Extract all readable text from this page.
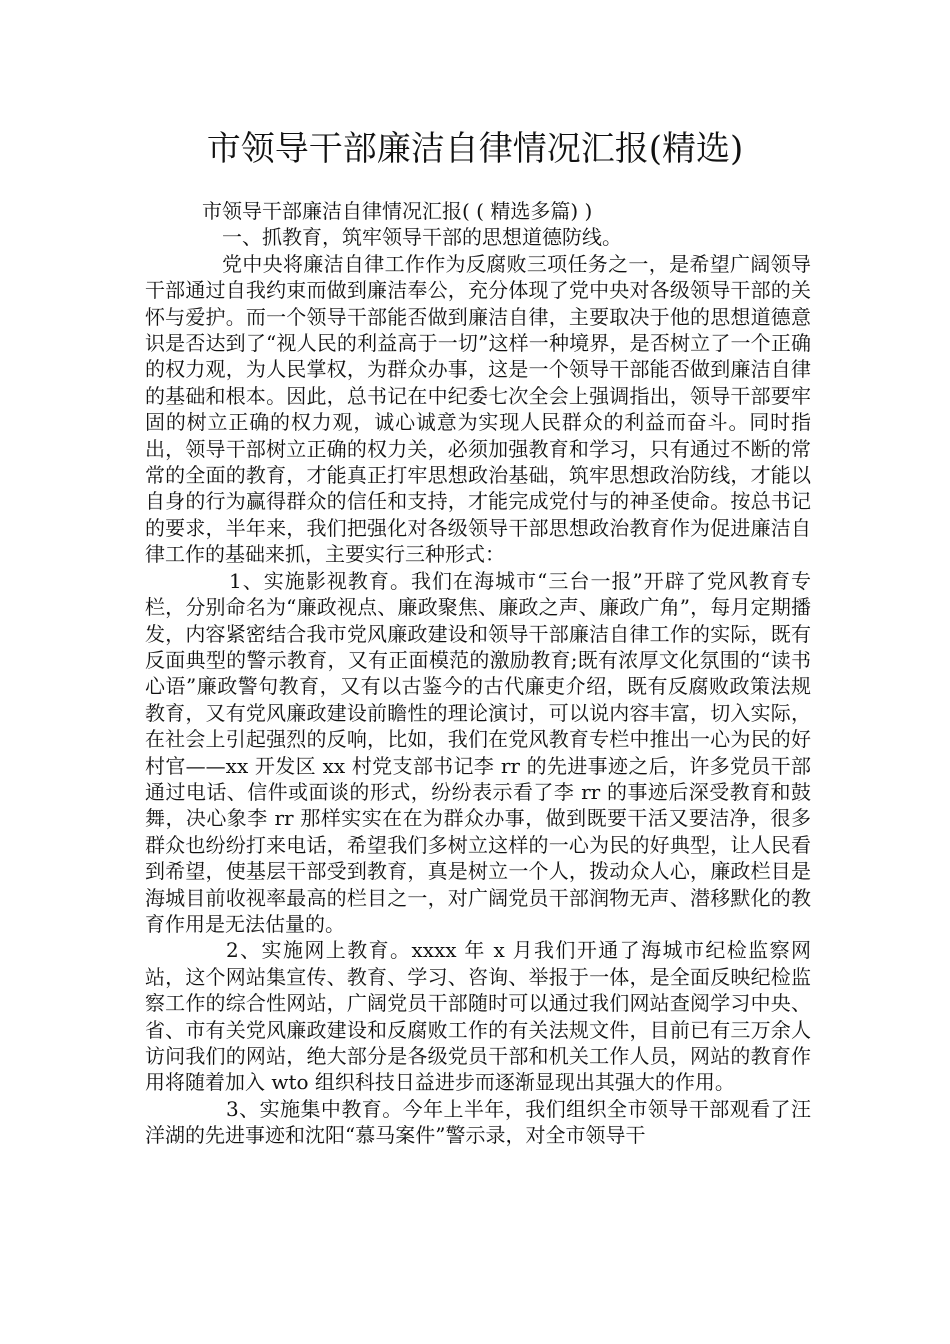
市领导干部廉洁自律情况汇报(精选)

市领导干部廉洁自律情况汇报( ( 精选多篇) )

一、抓教育，筑牢领导干部的思想道德防线。

党中央将廉洁自律工作作为反腐败三项任务之一，是希望广阔领导干部通过自我约束而做到廉洁奉公，充分体现了党中央对各级领导干部的关怀与爱护。而一个领导干部能否做到廉洁自律，主要取决于他的思想道德意识是否达到了“视人民的利益高于一切”这样一种境界，是否树立了一个正确的权力观，为人民掌权，为群众办事，这是一个领导干部能否做到廉洁自律的基础和根本。因此，总书记在中纪委七次全会上强调指出，领导干部要牢固的树立正确的权力观，诚心诚意为实现人民群众的利益而奋斗。同时指出，领导干部树立正确的权力关，必须加强教育和学习，只有通过不断的常常的全面的教育，才能真正打牢思想政治基础，筑牢思想政治防线，才能以自身的行为赢得群众的信任和支持，才能完成党付与的神圣使命。按总书记的要求，半年来，我们把强化对各级领导干部思想政治教育作为促进廉洁自律工作的基础来抓，主要实行三种形式：

1、实施影视教育。我们在海城市“三台一报”开辟了党风教育专栏，分别命名为“廉政视点、廉政聚焦、廉政之声、廉政广角”，每月定期播发，内容紧密结合我市党风廉政建设和领导干部廉洁自律工作的实际，既有反面典型的警示教育，又有正面模范的激励教育;既有浓厚文化氛围的“读书心语”廉政警句教育，又有以古鉴今的古代廉吏介绍，既有反腐败政策法规教育，又有党风廉政建设前瞻性的理论演讨，可以说内容丰富，切入实际，在社会上引起强烈的反响，比如，我们在党风教育专栏中推出一心为民的好村官——xx 开发区 xx 村党支部书记李 rr 的先进事迹之后，许多党员干部通过电话、信件或面谈的形式，纷纷表示看了李 rr 的事迹后深受教育和鼓舞，决心象李 rr 那样实实在在为群众办事，做到既要干活又要洁净，很多群众也纷纷打来电话，希望我们多树立这样的一心为民的好典型，让人民看到希望，使基层干部受到教育，真是树立一个人，拨动众人心，廉政栏目是海城目前收视率最高的栏目之一，对广阔党员干部润物无声、潜移默化的教育作用是无法估量的。

2、实施网上教育。xxxx 年 x 月我们开通了海城市纪检监察网站，这个网站集宣传、教育、学习、咨询、举报于一体，是全面反映纪检监察工作的综合性网站，广阔党员干部随时可以通过我们网站查阅学习中央、省、市有关党风廉政建设和反腐败工作的有关法规文件，目前已有三万余人访问我们的网站，绝大部分是各级党员干部和机关工作人员，网站的教育作用将随着加入 wto 组织科技日益进步而逐渐显现出其强大的作用。

3、实施集中教育。今年上半年，我们组织全市领导干部观看了汪洋湖的先进事迹和沈阳“慕马案件”警示录，对全市领导干
